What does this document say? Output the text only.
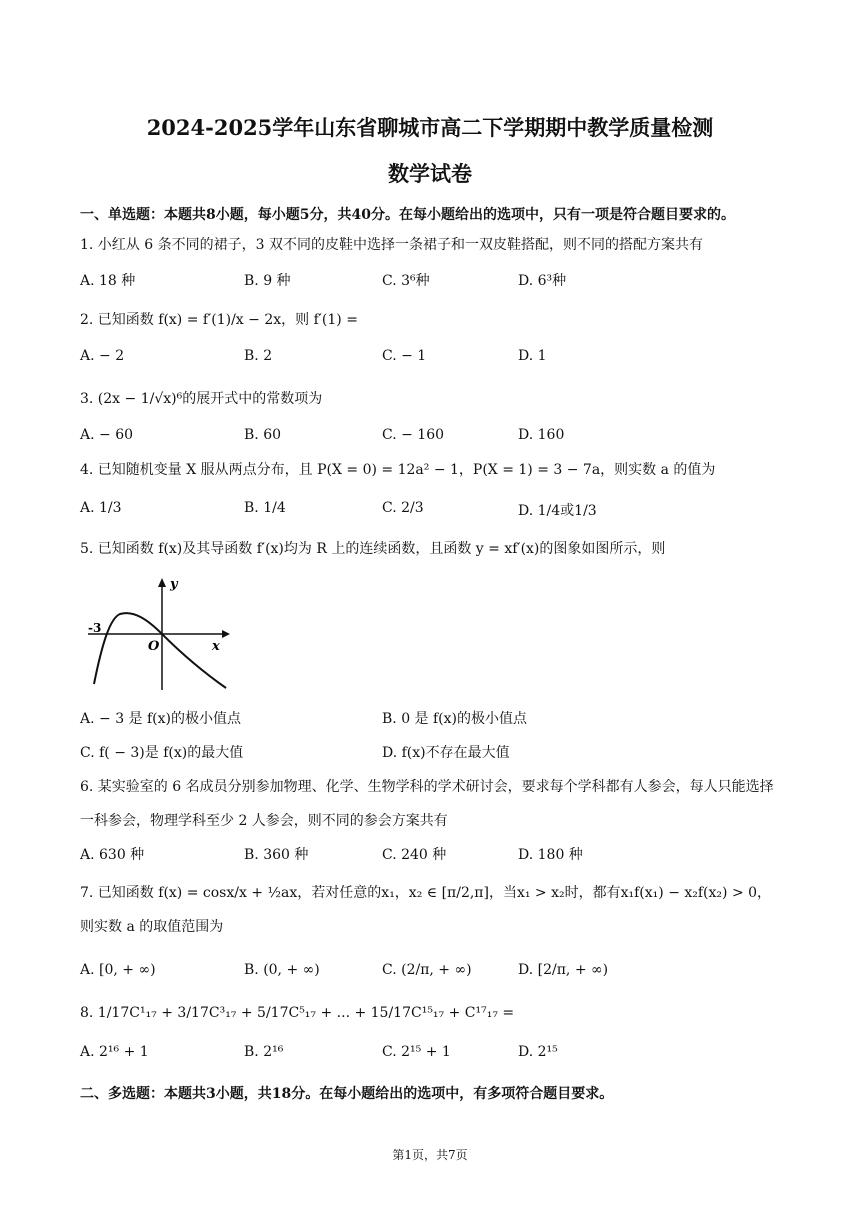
2024-2025学年山东省聊城市高二下学期期中教学质量检测
数学试卷
一、单选题：本题共8小题，每小题5分，共40分。在每小题给出的选项中，只有一项是符合题目要求的。
1. 小红从 6 条不同的裙子，3 双不同的皮鞋中选择一条裙子和一双皮鞋搭配，则不同的搭配方案共有
A. 18 种	B. 9 种	C. 3⁶种	D. 6³种
2. 已知函数 f(x) = f′(1)/x − 2x，则 f′(1) =
A. − 2	B. 2	C. − 1	D. 1
3. (2x − 1/√x)⁶的展开式中的常数项为
A. − 60	B. 60	C. − 160	D. 160
4. 已知随机变量 X 服从两点分布，且 P(X = 0) = 12a² − 1，P(X = 1) = 3 − 7a，则实数 a 的值为
A. 1/3	B. 1/4	C. 2/3	D. 1/4或1/3
5. 已知函数 f(x)及其导函数 f′(x)均为 R 上的连续函数，且函数 y = xf′(x)的图象如图所示，则
y
x
O
-3
A. − 3 是 f(x)的极小值点	B. 0 是 f(x)的极小值点
C. f( − 3)是 f(x)的最大值	D. f(x)不存在最大值
6. 某实验室的 6 名成员分别参加物理、化学、生物学科的学术研讨会，要求每个学科都有人参会，每人只能选择一科参会，物理学科至少 2 人参会，则不同的参会方案共有
A. 630 种	B. 360 种	C. 240 种	D. 180 种
7. 已知函数 f(x) = cosx/x + ½ax，若对任意的x₁，x₂ ∈ [π/2,π]，当x₁ > x₂时，都有x₁f(x₁) − x₂f(x₂) > 0，则实数 a 的取值范围为
A. [0, + ∞)	B. (0, + ∞)	C. (2/π, + ∞)	D. [2/π, + ∞)
8. 1/17C¹₁₇ + 3/17C³₁₇ + 5/17C⁵₁₇ + ... + 15/17C¹⁵₁₇ + C¹⁷₁₇ =
A. 2¹⁶ + 1	B. 2¹⁶	C. 2¹⁵ + 1	D. 2¹⁵
二、多选题：本题共3小题，共18分。在每小题给出的选项中，有多项符合题目要求。
第1页，共7页
